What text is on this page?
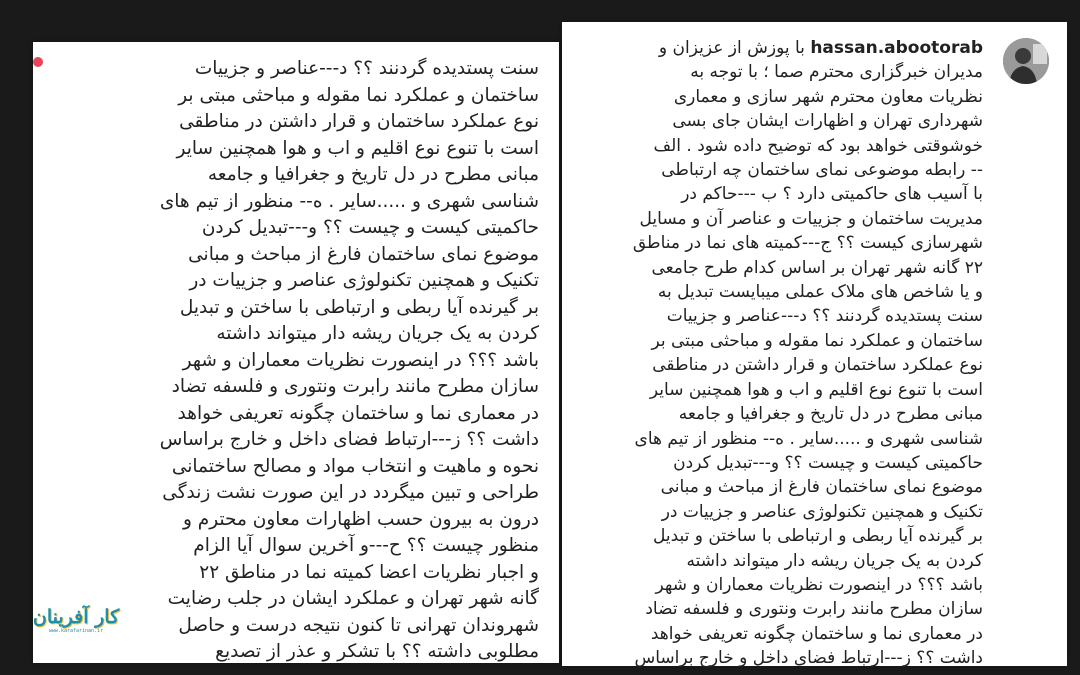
سنت پستدیده گردنند ؟؟ د---عناصر و جزییات
ساختمان و عملکرد نما مقوله و مباحثی مبتی بر
نوع عملکرد ساختمان و قرار داشتن در مناطقی
است با تنوع نوع اقلیم و اب و هوا همچنین سایر
مبانی مطرح در دل تاریخ و جغرافیا و جامعه
شناسی شهری و .....سایر . ه-- منظور از تیم های
حاکمیتی کیست و چیست ؟؟ و---تبدیل کردن
موضوع نمای ساختمان فارغ از مباحث و مبانی
تکنیک و همچنین تکنولوژی عناصر و جزییات در
بر گیرنده آیا ربطی و ارتباطی با ساختن و تبدیل
کردن به یک جریان ریشه دار میتواند داشته
باشد ؟؟؟ در اینصورت نظریات معماران و شهر
سازان مطرح مانند رابرت ونتوری و فلسفه تضاد
در معماری نما و ساختمان چگونه تعریفی خواهد
داشت ؟؟ ز---ارتباط فضای داخل و خارج براساس
نحوه و ماهیت و انتخاب مواد و مصالح ساختمانی
طراحی و تبین میگردد در این صورت نشت زندگی
درون به بیرون حسب اظهارات معاون محترم و
منظور چیست ؟؟ ح---و آخرین سوال آیا الزام
و اجبار نظریات اعضا کمیته نما در مناطق ۲۲
گانه شهر تهران و عملکرد ایشان در جلب رضایت
شهروندان تهرانی تا کنون نتیجه درست و حاصل
مطلوبی داشته ؟؟ با تشکر و عذر از تصدیع

hassan.abootorab با پوزش از عزیزان و
مدیران خبرگزاری محترم صما ؛ با توجه به
نظریات معاون محترم شهر سازی و معماری
شهرداری تهران و اظهارات ایشان جای بسی
خوشوقتی خواهد بود که توضیح داده شود . الف
-- رابطه موضوعی نمای ساختمان چه ارتباطی
با آسیب های حاکمیتی دارد ؟ ب ---حاکم در
مدیریت ساختمان و جزییات و عناصر آن و مسایل
شهرسازی کیست ؟؟ ج---کمیته های نما در مناطق
۲۲ گانه شهر تهران بر اساس کدام طرح جامعی
و یا شاخص های ملاک عملی میبایست تبدیل به
سنت پستدیده گردنند ؟؟ د---عناصر و جزییات
ساختمان و عملکرد نما مقوله و مباحثی مبتی بر
نوع عملکرد ساختمان و قرار داشتن در مناطقی
است با تنوع نوع اقلیم و اب و هوا همچنین سایر
مبانی مطرح در دل تاریخ و جغرافیا و جامعه
شناسی شهری و .....سایر . ه-- منظور از تیم های
حاکمیتی کیست و چیست ؟؟ و---تبدیل کردن
موضوع نمای ساختمان فارغ از مباحث و مبانی
تکنیک و همچنین تکنولوژی عناصر و جزییات در
بر گیرنده آیا ربطی و ارتباطی با ساختن و تبدیل
کردن به یک جریان ریشه دار میتواند داشته
باشد ؟؟؟ در اینصورت نظریات معماران و شهر
سازان مطرح مانند رابرت ونتوری و فلسفه تضاد
در معماری نما و ساختمان چگونه تعریفی خواهد
داشت ؟؟ ز---ارتباط فضای داخل و خارج براساس

کار آفرینان
www.karafarinan.ir
